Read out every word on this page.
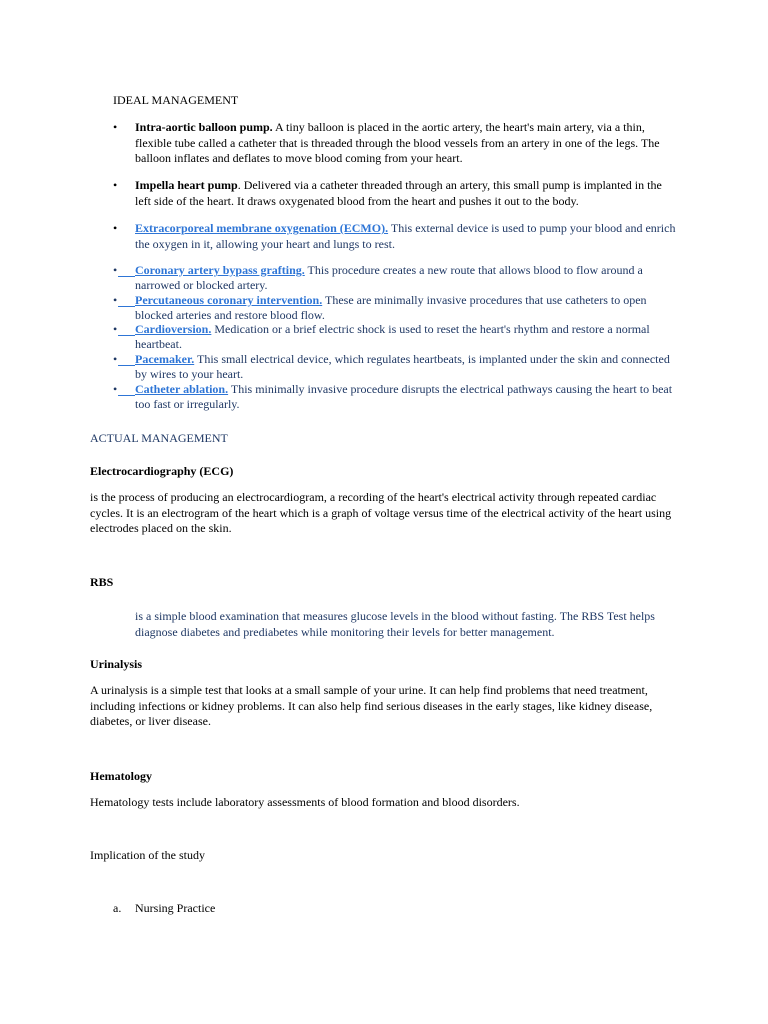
IDEAL MANAGEMENT
• Intra-aortic balloon pump. A tiny balloon is placed in the aortic artery, the heart's main artery, via a thin, flexible tube called a catheter that is threaded through the blood vessels from an artery in one of the legs. The balloon inflates and deflates to move blood coming from your heart.
• Impella heart pump. Delivered via a catheter threaded through an artery, this small pump is implanted in the left side of the heart. It draws oxygenated blood from the heart and pushes it out to the body.
• Extracorporeal membrane oxygenation (ECMO). This external device is used to pump your blood and enrich the oxygen in it, allowing your heart and lungs to rest.
• Coronary artery bypass grafting. This procedure creates a new route that allows blood to flow around a narrowed or blocked artery.
• Percutaneous coronary intervention. These are minimally invasive procedures that use catheters to open blocked arteries and restore blood flow.
• Cardioversion. Medication or a brief electric shock is used to reset the heart's rhythm and restore a normal heartbeat.
• Pacemaker. This small electrical device, which regulates heartbeats, is implanted under the skin and connected by wires to your heart.
• Catheter ablation. This minimally invasive procedure disrupts the electrical pathways causing the heart to beat too fast or irregularly.
ACTUAL MANAGEMENT
Electrocardiography (ECG)
is the process of producing an electrocardiogram, a recording of the heart's electrical activity through repeated cardiac cycles. It is an electrogram of the heart which is a graph of voltage versus time of the electrical activity of the heart using electrodes placed on the skin.
RBS
is a simple blood examination that measures glucose levels in the blood without fasting. The RBS Test helps diagnose diabetes and prediabetes while monitoring their levels for better management.
Urinalysis
A urinalysis is a simple test that looks at a small sample of your urine. It can help find problems that need treatment, including infections or kidney problems. It can also help find serious diseases in the early stages, like kidney disease, diabetes, or liver disease.
Hematology
Hematology tests include laboratory assessments of blood formation and blood disorders.
Implication of the study
a. Nursing Practice
